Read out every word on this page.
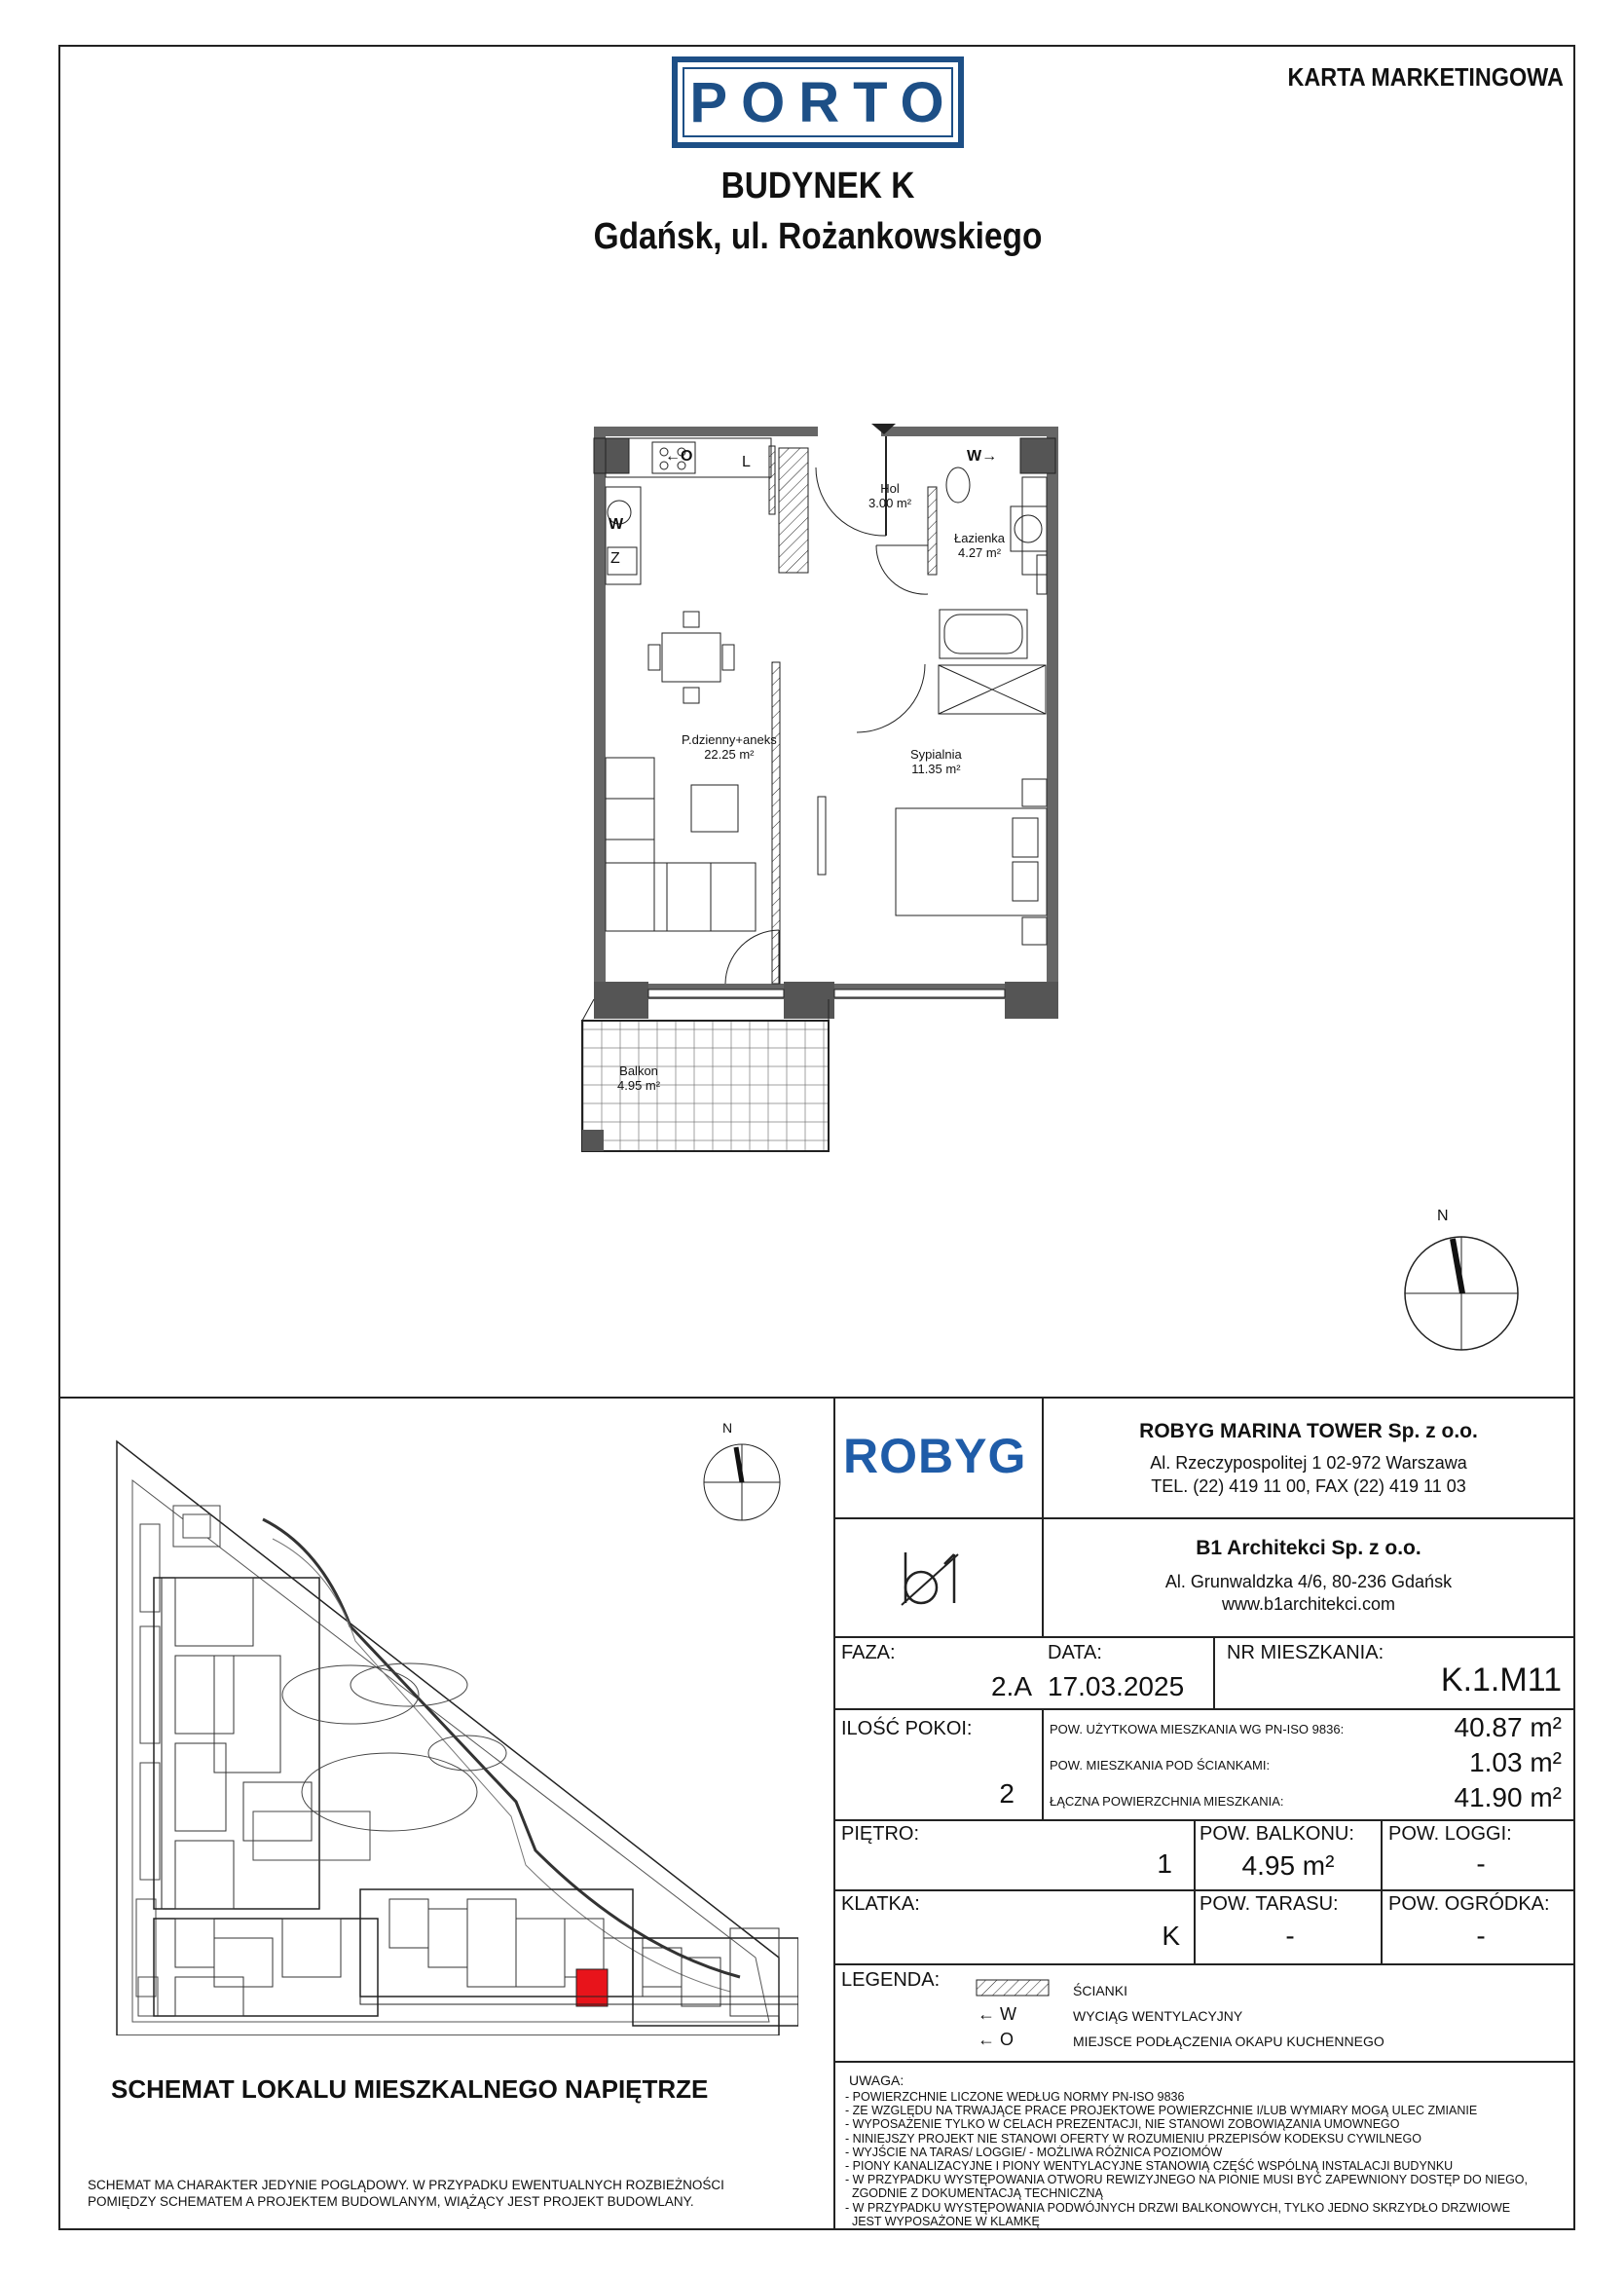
PORTO	KARTA MARKETINGOWA
BUDYNEK K
Gdańsk, ul. Rożankowskiego
Hol
3.00 m²
Łazienka
4.27 m²
P.dzienny+aneks
22.25 m²	Sypialnia
11.35 m²
Balkon
4.95 m²
←O	W→
W
L
Z
N
N
SCHEMAT LOKALU MIESZKALNEGO NAPIĘTRZE
SCHEMAT MA CHARAKTER JEDYNIE POGLĄDOWY. W PRZYPADKU EWENTUALNYCH ROZBIEŻNOŚCI
POMIĘDZY SCHEMATEM A PROJEKTEM BUDOWLANYM, WIĄŻĄCY JEST PROJEKT BUDOWLANY.
ROBYG	ROBYG MARINA TOWER Sp. z o.o.
Al. Rzeczypospolitej 1 02-972 Warszawa
TEL. (22) 419 11 00, FAX (22) 419 11 03
B1 Architekci Sp. z o.o.
Al. Grunwaldzka 4/6, 80-236 Gdańsk
www.b1architekci.com
FAZA:
2.A
DATA:
17.03.2025
NR MIESZKANIA:
K.1.M11
ILOŚĆ POKOI:
2
POW. UŻYTKOWA MIESZKANIA WG PN-ISO 9836:	40.87 m²
POW. MIESZKANIA POD ŚCIANKAMI:	1.03 m²
ŁĄCZNA POWIERZCHNIA MIESZKANIA:	41.90 m²
PIĘTRO:
1
POW. BALKONU:
4.95 m²
POW. LOGGI:
-
KLATKA:
K
POW. TARASU:
-
POW. OGRÓDKA:
-
LEGENDA:	ŚCIANKI
← W	WYCIĄG WENTYLACYJNY
← O	MIEJSCE PODŁĄCZENIA OKAPU KUCHENNEGO
UWAGA:
- POWIERZCHNIE LICZONE WEDŁUG NORMY PN-ISO 9836
- ZE WZGLĘDU NA TRWAJĄCE PRACE PROJEKTOWE POWIERZCHNIE I/LUB WYMIARY MOGĄ ULEC ZMIANIE
- WYPOSAŻENIE TYLKO W CELACH PREZENTACJI, NIE STANOWI ZOBOWIĄZANIA UMOWNEGO
- NINIEJSZY PROJEKT NIE STANOWI OFERTY W ROZUMIENIU PRZEPISÓW KODEKSU CYWILNEGO
- WYJŚCIE NA TARAS/ LOGGIE/ - MOŻLIWA RÓŻNICA POZIOMÓW
- PIONY KANALIZACYJNE I PIONY WENTYLACYJNE STANOWIĄ CZĘŚĆ WSPÓLNĄ INSTALACJI BUDYNKU
- W PRZYPADKU WYSTĘPOWANIA OTWORU REWIZYJNEGO NA PIONIE MUSI BYĆ ZAPEWNIONY DOSTĘP DO NIEGO,
ZGODNIE Z DOKUMENTACJĄ TECHNICZNĄ
- W PRZYPADKU WYSTĘPOWANIA PODWÓJNYCH DRZWI BALKONOWYCH, TYLKO JEDNO SKRZYDŁO DRZWIOWE
JEST WYPOSAŻONE W KLAMKĘ
